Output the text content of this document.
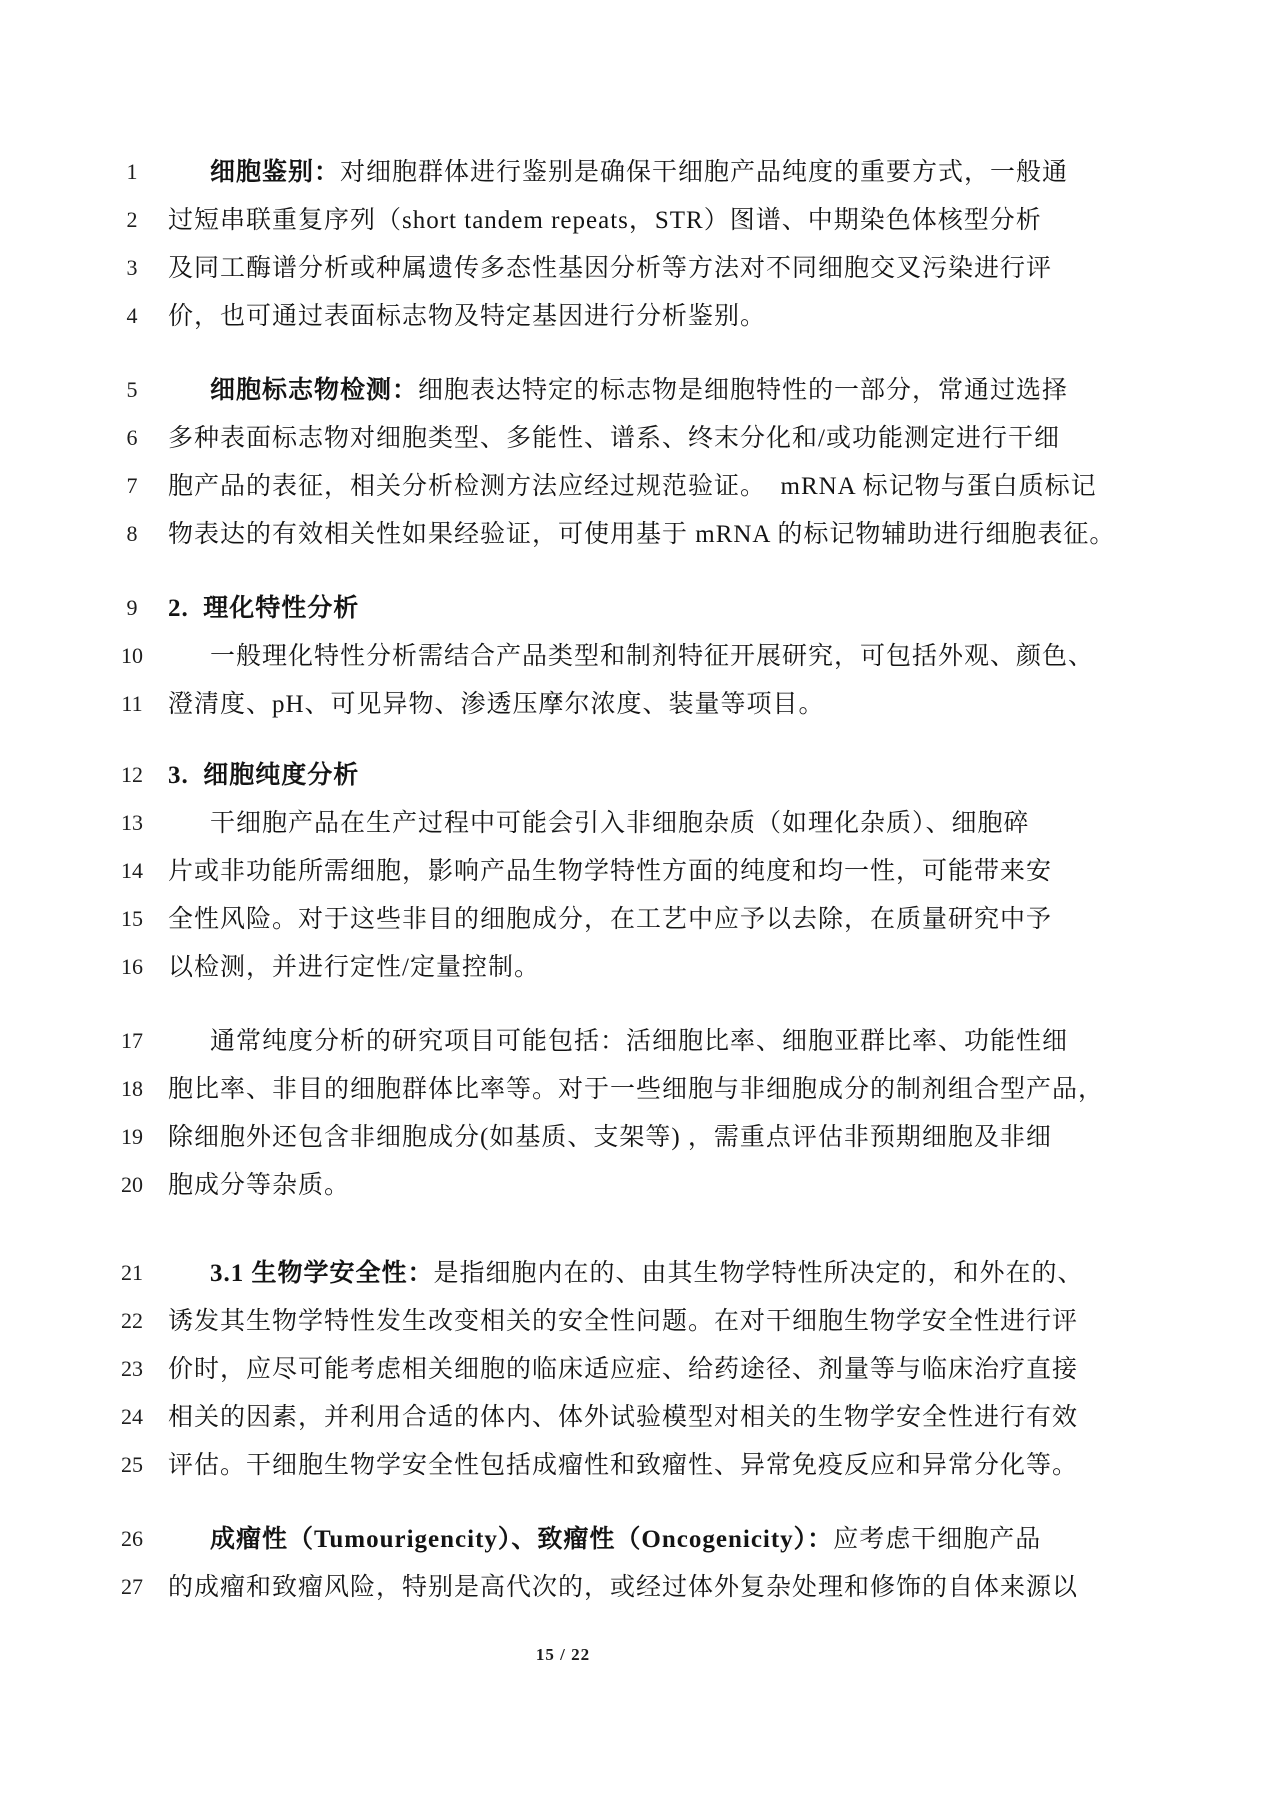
1	细胞鉴别：对细胞群体进行鉴别是确保干细胞产品纯度的重要方式，一般通
2	过短串联重复序列（short tandem repeats，STR）图谱、中期染色体核型分析
3	及同工酶谱分析或种属遗传多态性基因分析等方法对不同细胞交叉污染进行评
4	价，也可通过表面标志物及特定基因进行分析鉴别。
5	细胞标志物检测：细胞表达特定的标志物是细胞特性的一部分，常通过选择
6	多种表面标志物对细胞类型、多能性、谱系、终末分化和/或功能测定进行干细
7	胞产品的表征，相关分析检测方法应经过规范验证。  mRNA 标记物与蛋白质标记
8	物表达的有效相关性如果经验证，可使用基于 mRNA 的标记物辅助进行细胞表征。
9	2.  理化特性分析
10	一般理化特性分析需结合产品类型和制剂特征开展研究，可包括外观、颜色、
11	澄清度、pH、可见异物、渗透压摩尔浓度、装量等项目。
12	3.  细胞纯度分析
13	干细胞产品在生产过程中可能会引入非细胞杂质（如理化杂质）、细胞碎
14	片或非功能所需细胞，影响产品生物学特性方面的纯度和均一性，可能带来安
15	全性风险。对于这些非目的细胞成分，在工艺中应予以去除，在质量研究中予
16	以检测，并进行定性/定量控制。
17	通常纯度分析的研究项目可能包括：活细胞比率、细胞亚群比率、功能性细
18	胞比率、非目的细胞群体比率等。对于一些细胞与非细胞成分的制剂组合型产品，
19	除细胞外还包含非细胞成分(如基质、支架等) ，需重点评估非预期细胞及非细
20	胞成分等杂质。
21	3.1 生物学安全性：是指细胞内在的、由其生物学特性所决定的，和外在的、
22	诱发其生物学特性发生改变相关的安全性问题。在对干细胞生物学安全性进行评
23	价时，应尽可能考虑相关细胞的临床适应症、给药途径、剂量等与临床治疗直接
24	相关的因素，并利用合适的体内、体外试验模型对相关的生物学安全性进行有效
25	评估。干细胞生物学安全性包括成瘤性和致瘤性、异常免疫反应和异常分化等。
26	成瘤性（Tumourigencity）、致瘤性（Oncogenicity）：应考虑干细胞产品
27	的成瘤和致瘤风险，特别是高代次的，或经过体外复杂处理和修饰的自体来源以
15 / 22
